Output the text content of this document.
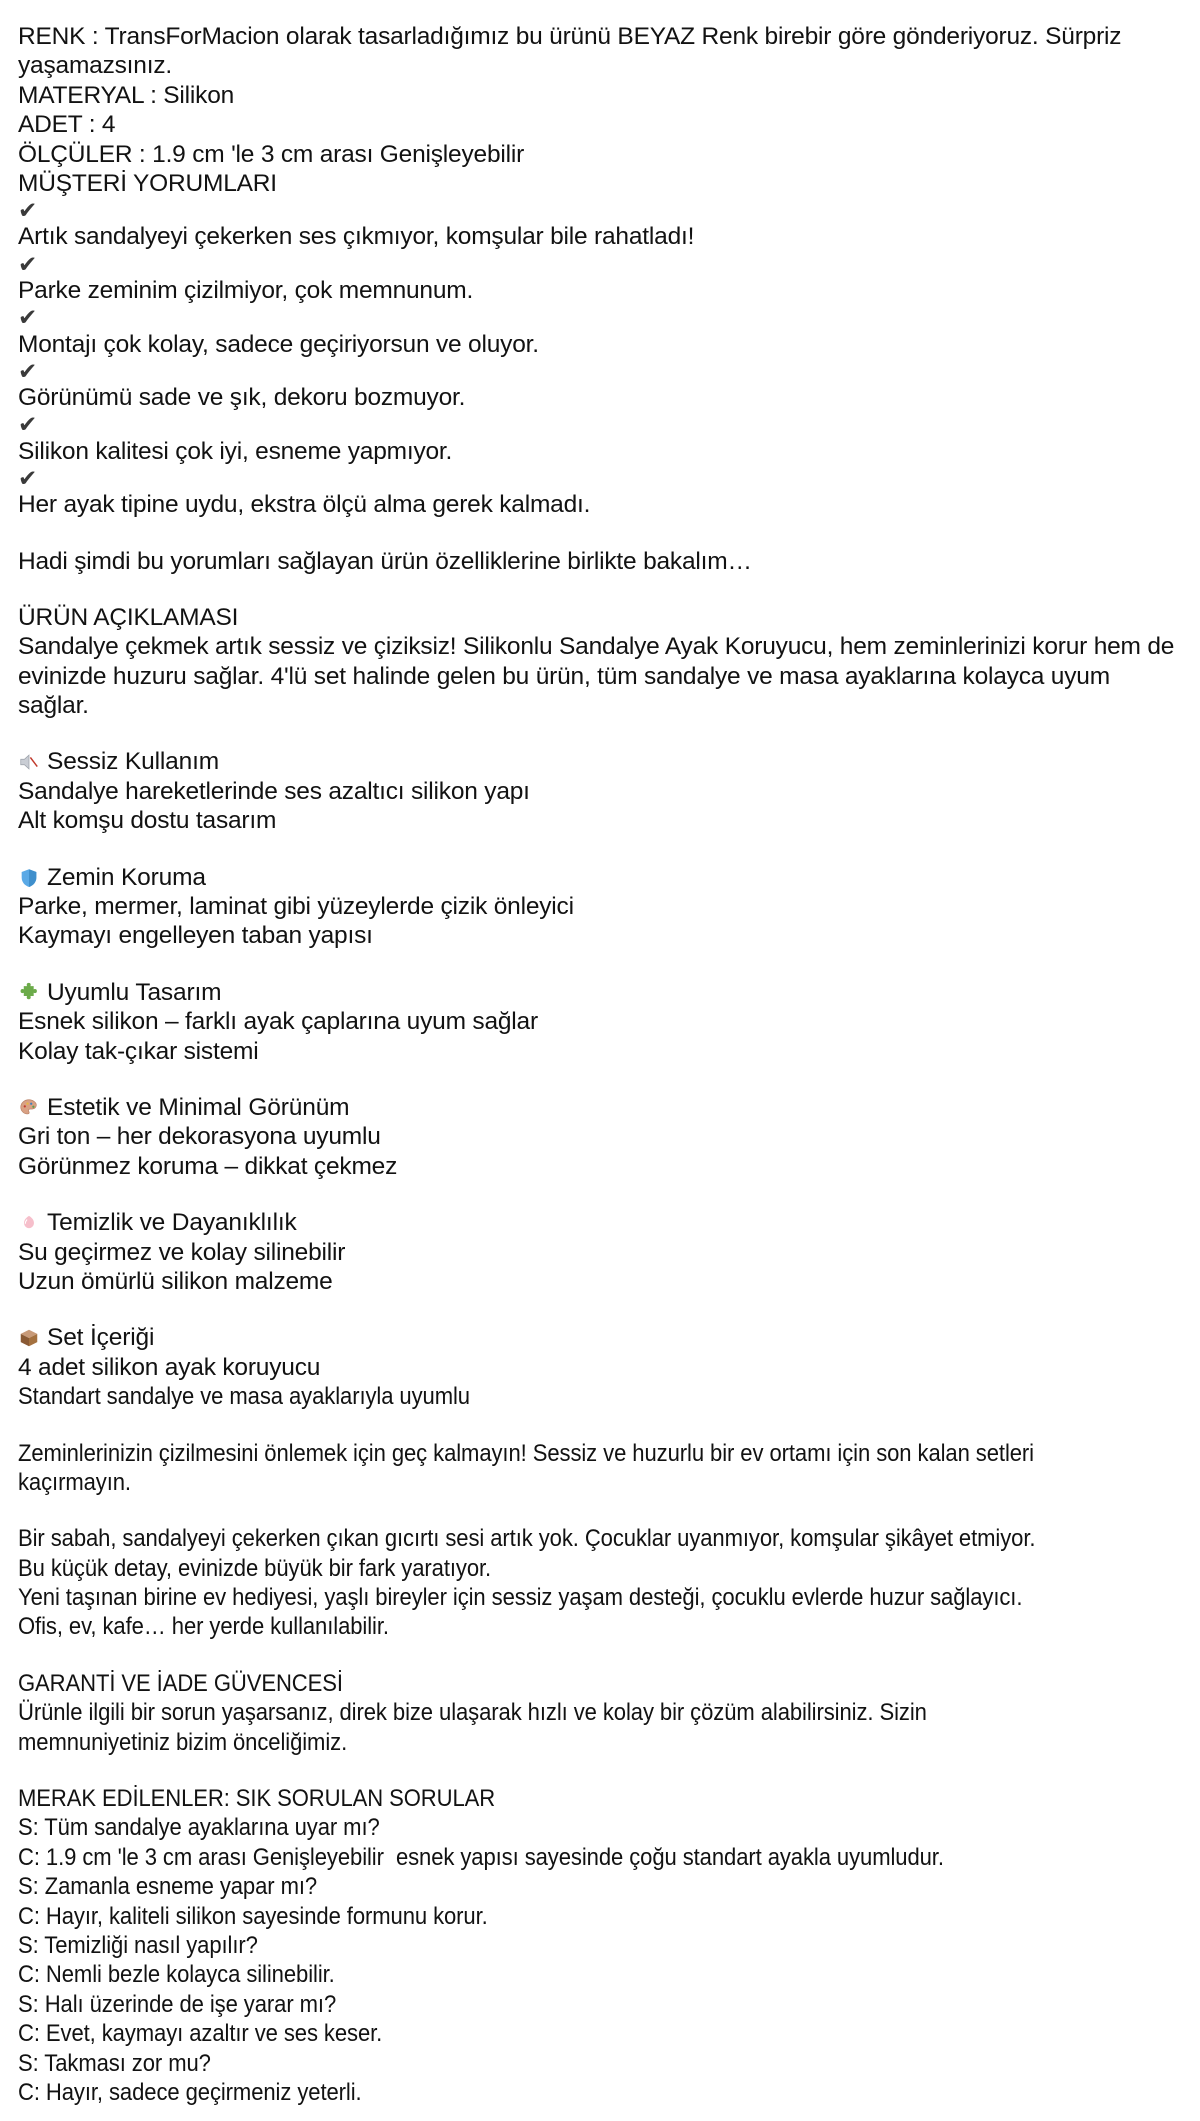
RENK : TransForMacion olarak tasarladığımız bu ürünü BEYAZ Renk birebir göre gönderiyoruz. Sürpriz yaşamazsınız.
MATERYAL : Silikon
ADET : 4
ÖLÇÜLER : 1.9 cm 'le 3 cm arası Genişleyebilir
MÜŞTERİ YORUMLARI
✔
Artık sandalyeyi çekerken ses çıkmıyor, komşular bile rahatladı!
✔
Parke zeminim çizilmiyor, çok memnunum.
✔
Montajı çok kolay, sadece geçiriyorsun ve oluyor.
✔
Görünümü sade ve şık, dekoru bozmuyor.
✔
Silikon kalitesi çok iyi, esneme yapmıyor.
✔
Her ayak tipine uydu, ekstra ölçü alma gerek kalmadı.
Hadi şimdi bu yorumları sağlayan ürün özelliklerine birlikte bakalım…
ÜRÜN AÇIKLAMASI
Sandalye çekmek artık sessiz ve çiziksiz! Silikonlu Sandalye Ayak Koruyucu, hem zeminlerinizi korur hem de evinizde huzuru sağlar. 4'lü set halinde gelen bu ürün, tüm sandalye ve masa ayaklarına kolayca uyum sağlar.
Sessiz Kullanım
Sandalye hareketlerinde ses azaltıcı silikon yapı
Alt komşu dostu tasarım
Zemin Koruma
Parke, mermer, laminat gibi yüzeylerde çizik önleyici
Kaymayı engelleyen taban yapısı
Uyumlu Tasarım
Esnek silikon – farklı ayak çaplarına uyum sağlar
Kolay tak-çıkar sistemi
Estetik ve Minimal Görünüm
Gri ton – her dekorasyona uyumlu
Görünmez koruma – dikkat çekmez
Temizlik ve Dayanıklılık
Su geçirmez ve kolay silinebilir
Uzun ömürlü silikon malzeme
Set İçeriği
4 adet silikon ayak koruyucu
Standart sandalye ve masa ayaklarıyla uyumlu
Zeminlerinizin çizilmesini önlemek için geç kalmayın! Sessiz ve huzurlu bir ev ortamı için son kalan setleri kaçırmayın.
Bir sabah, sandalyeyi çekerken çıkan gıcırtı sesi artık yok. Çocuklar uyanmıyor, komşular şikâyet etmiyor. Bu küçük detay, evinizde büyük bir fark yaratıyor.
Yeni taşınan birine ev hediyesi, yaşlı bireyler için sessiz yaşam desteği, çocuklu evlerde huzur sağlayıcı. Ofis, ev, kafe… her yerde kullanılabilir.
GARANTİ VE İADE GÜVENCESİ
Ürünle ilgili bir sorun yaşarsanız, direk bize ulaşarak hızlı ve kolay bir çözüm alabilirsiniz. Sizin memnuniyetiniz bizim önceliğimiz.
MERAK EDİLENLER: SIK SORULAN SORULAR
S: Tüm sandalye ayaklarına uyar mı?
C: 1.9 cm 'le 3 cm arası Genişleyebilir  esnek yapısı sayesinde çoğu standart ayakla uyumludur.
S: Zamanla esneme yapar mı?
C: Hayır, kaliteli silikon sayesinde formunu korur.
S: Temizliği nasıl yapılır?
C: Nemli bezle kolayca silinebilir.
S: Halı üzerinde de işe yarar mı?
C: Evet, kaymayı azaltır ve ses keser.
S: Takması zor mu?
C: Hayır, sadece geçirmeniz yeterli.
